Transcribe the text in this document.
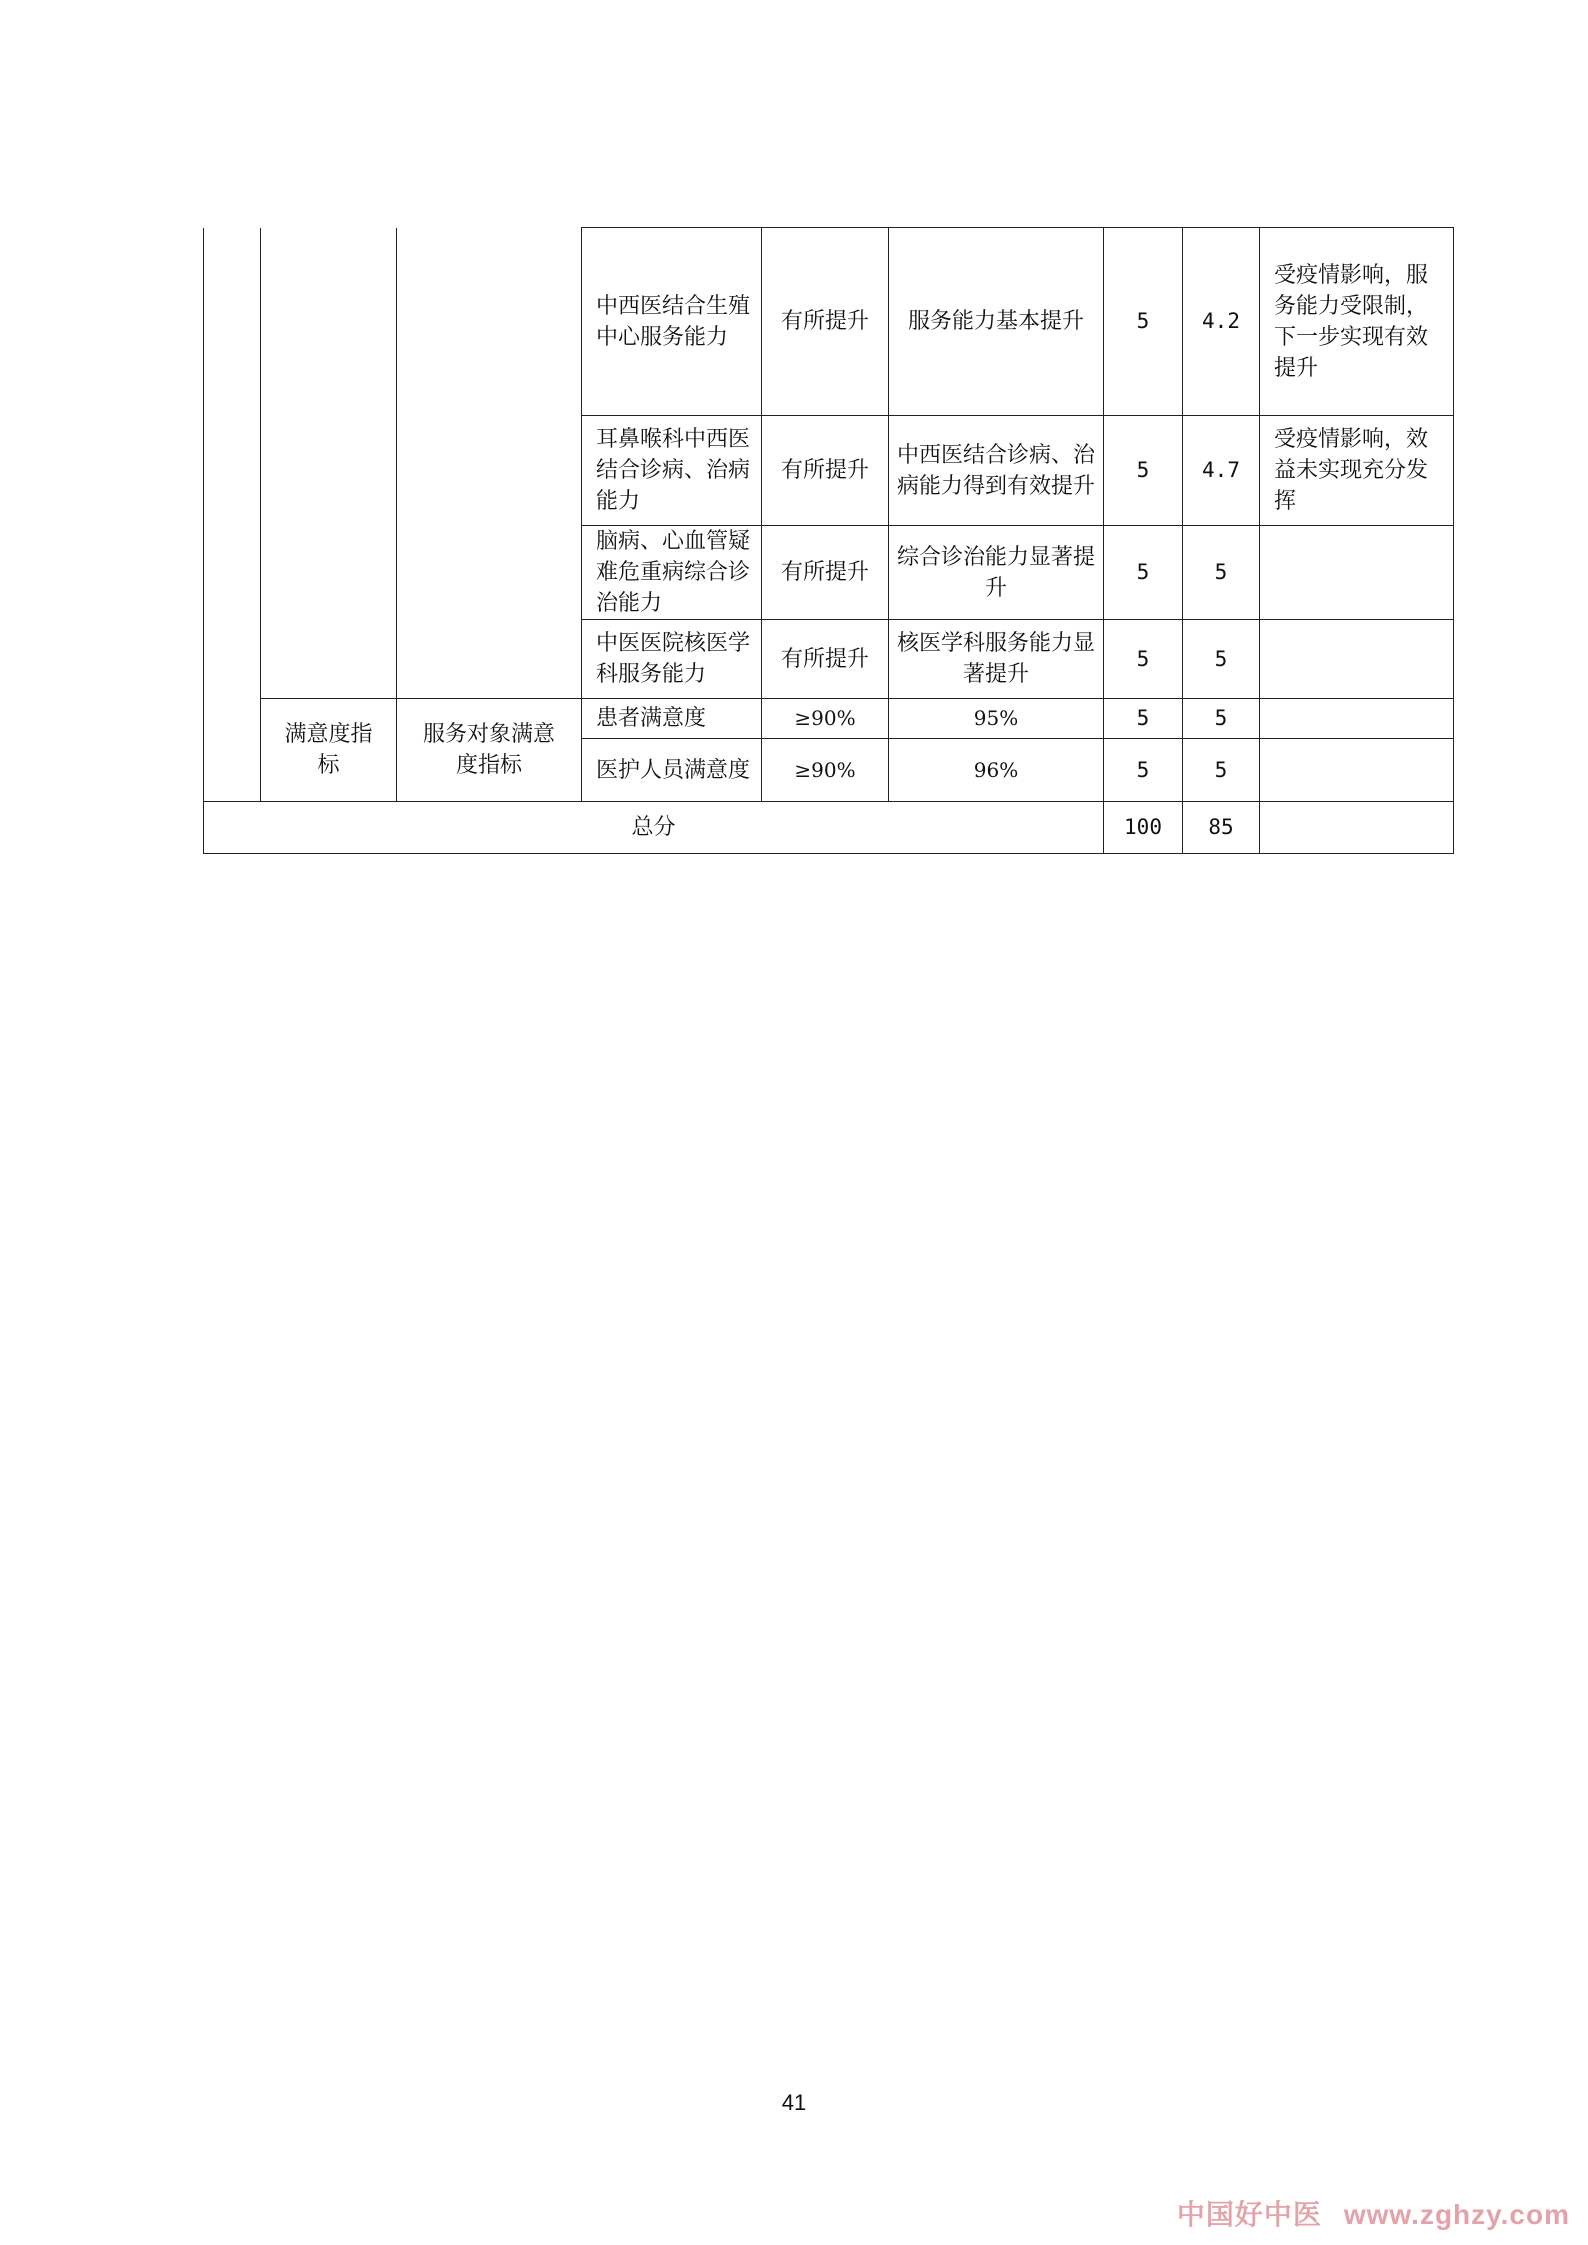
			中西医结合生殖中心服务能力	有所提升	服务能力基本提升	5	4.2	受疫情影响，服务能力受限制，下一步实现有效提升
			耳鼻喉科中西医结合诊病、治病能力	有所提升	中西医结合诊病、治病能力得到有效提升	5	4.7	受疫情影响，效益未实现充分发挥
			脑病、心血管疑难危重病综合诊治能力	有所提升	综合诊治能力显著提升	5	5	
			中医医院核医学科服务能力	有所提升	核医学科服务能力显著提升	5	5	
	满意度指标	服务对象满意度指标	患者满意度	≥90%	95%	5	5	
			医护人员满意度	≥90%	96%	5	5	
总分						100	85	
41
中国好中医 www.zghzy.com
